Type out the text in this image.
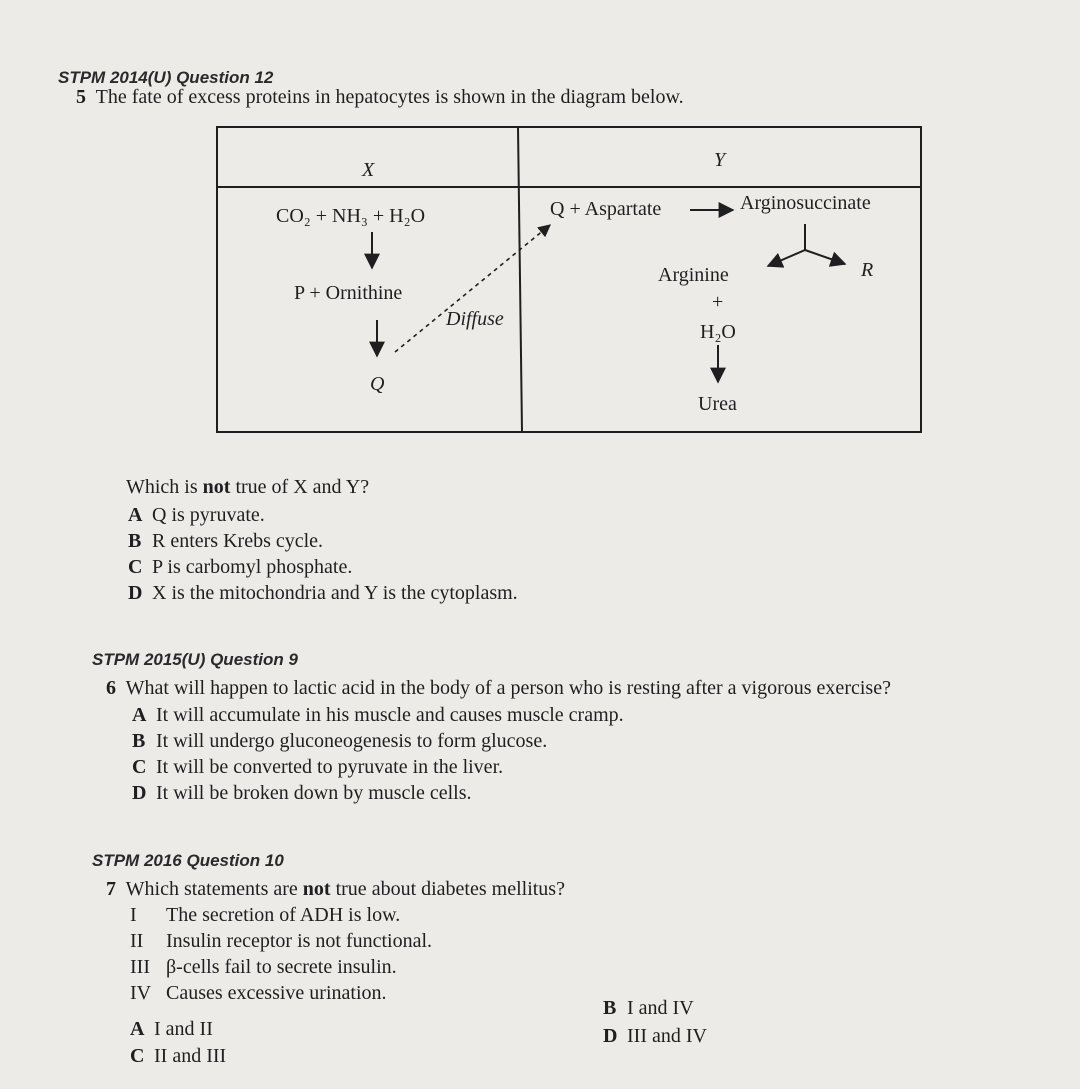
STPM 2014(U) Question 12
5 The fate of excess proteins in hepatocytes is shown in the diagram below.
X	Y
CO₂ + NH₃ + H₂O
P + Ornithine
Q
Diffuse
Q + Aspartate	Arginosuccinate
Arginine	R
+
H₂O
Urea
Which is not true of X and Y?
A Q is pyruvate.
B R enters Krebs cycle.
C P is carbomyl phosphate.
D X is the mitochondria and Y is the cytoplasm.
STPM 2015(U) Question 9
6 What will happen to lactic acid in the body of a person who is resting after a vigorous exercise?
A It will accumulate in his muscle and causes muscle cramp.
B It will undergo gluconeogenesis to form glucose.
C It will be converted to pyruvate in the liver.
D It will be broken down by muscle cells.
STPM 2016 Question 10
7 Which statements are not true about diabetes mellitus?
I The secretion of ADH is low.
II Insulin receptor is not functional.
III β-cells fail to secrete insulin.
IV Causes excessive urination.
A I and II
B I and IV
C II and III
D III and IV
